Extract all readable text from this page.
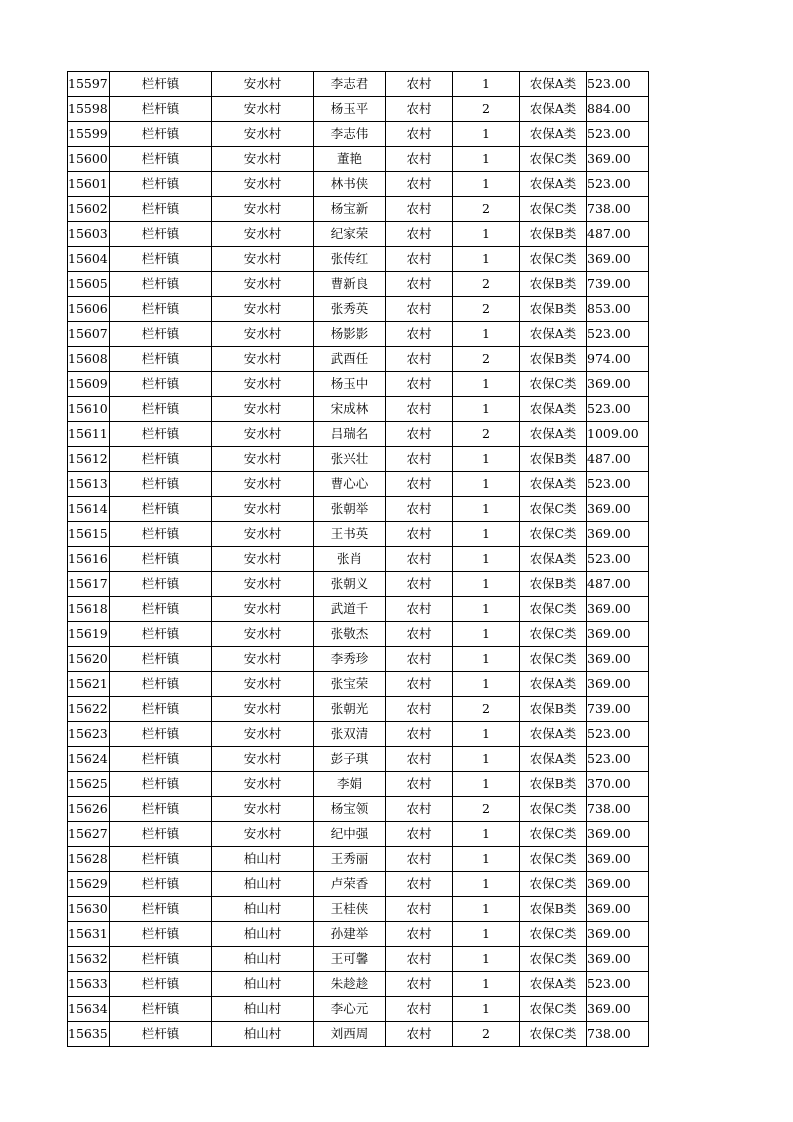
15597	栏杆镇	安水村	李志君	农村	1	农保A类	523.00
15598	栏杆镇	安水村	杨玉平	农村	2	农保A类	884.00
15599	栏杆镇	安水村	李志伟	农村	1	农保A类	523.00
15600	栏杆镇	安水村	董艳	农村	1	农保C类	369.00
15601	栏杆镇	安水村	林书侠	农村	1	农保A类	523.00
15602	栏杆镇	安水村	杨宝新	农村	2	农保C类	738.00
15603	栏杆镇	安水村	纪家荣	农村	1	农保B类	487.00
15604	栏杆镇	安水村	张传红	农村	1	农保C类	369.00
15605	栏杆镇	安水村	曹新良	农村	2	农保B类	739.00
15606	栏杆镇	安水村	张秀英	农村	2	农保B类	853.00
15607	栏杆镇	安水村	杨影影	农村	1	农保A类	523.00
15608	栏杆镇	安水村	武酉任	农村	2	农保B类	974.00
15609	栏杆镇	安水村	杨玉中	农村	1	农保C类	369.00
15610	栏杆镇	安水村	宋成林	农村	1	农保A类	523.00
15611	栏杆镇	安水村	吕瑞名	农村	2	农保A类	1009.00
15612	栏杆镇	安水村	张兴壮	农村	1	农保B类	487.00
15613	栏杆镇	安水村	曹心心	农村	1	农保A类	523.00
15614	栏杆镇	安水村	张朝举	农村	1	农保C类	369.00
15615	栏杆镇	安水村	王书英	农村	1	农保C类	369.00
15616	栏杆镇	安水村	张肖	农村	1	农保A类	523.00
15617	栏杆镇	安水村	张朝义	农村	1	农保B类	487.00
15618	栏杆镇	安水村	武道千	农村	1	农保C类	369.00
15619	栏杆镇	安水村	张敬杰	农村	1	农保C类	369.00
15620	栏杆镇	安水村	李秀珍	农村	1	农保C类	369.00
15621	栏杆镇	安水村	张宝荣	农村	1	农保A类	369.00
15622	栏杆镇	安水村	张朝光	农村	2	农保B类	739.00
15623	栏杆镇	安水村	张双清	农村	1	农保A类	523.00
15624	栏杆镇	安水村	彭子琪	农村	1	农保A类	523.00
15625	栏杆镇	安水村	李娟	农村	1	农保B类	370.00
15626	栏杆镇	安水村	杨宝领	农村	2	农保C类	738.00
15627	栏杆镇	安水村	纪中强	农村	1	农保C类	369.00
15628	栏杆镇	柏山村	王秀丽	农村	1	农保C类	369.00
15629	栏杆镇	柏山村	卢荣香	农村	1	农保C类	369.00
15630	栏杆镇	柏山村	王桂侠	农村	1	农保B类	369.00
15631	栏杆镇	柏山村	孙建举	农村	1	农保C类	369.00
15632	栏杆镇	柏山村	王可馨	农村	1	农保C类	369.00
15633	栏杆镇	柏山村	朱趁趁	农村	1	农保A类	523.00
15634	栏杆镇	柏山村	李心元	农村	1	农保C类	369.00
15635	栏杆镇	柏山村	刘西周	农村	2	农保C类	738.00
